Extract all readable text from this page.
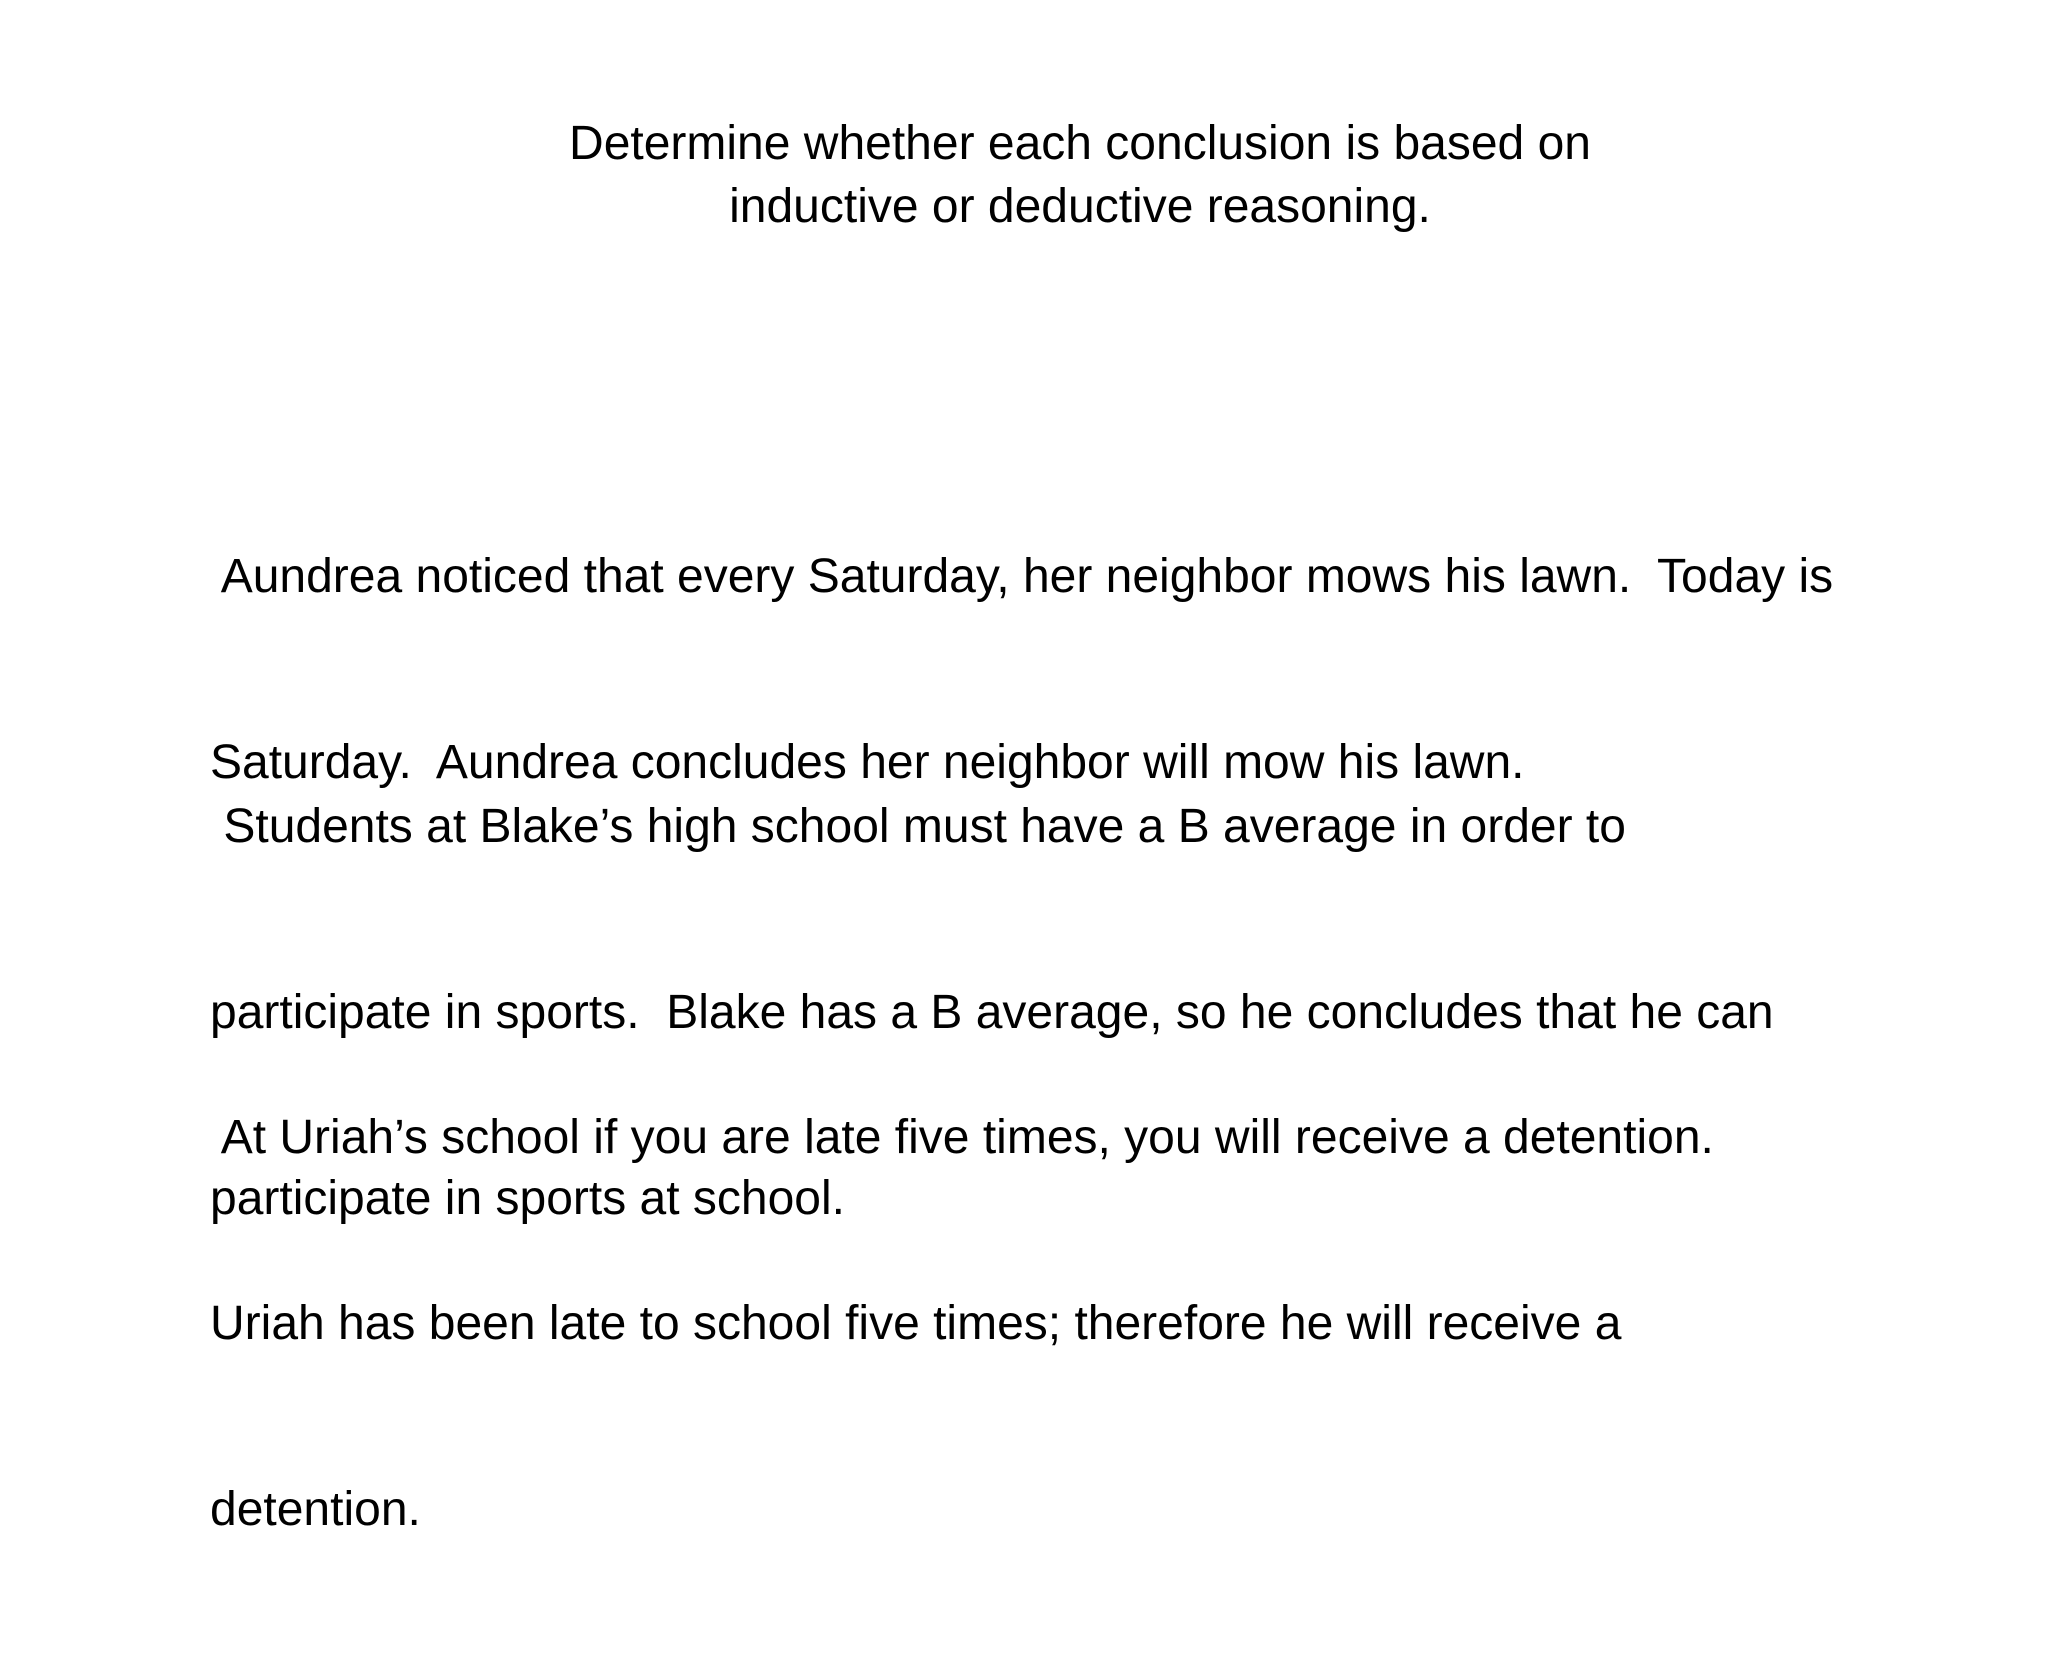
Determine whether each conclusion is based on
inductive or deductive reasoning.

Aundrea noticed that every Saturday, her neighbor mows his lawn.  Today is

Saturday.  Aundrea concludes her neighbor will mow his lawn.

Students at Blake’s high school must have a B average in order to

participate in sports.  Blake has a B average, so he concludes that he can

participate in sports at school.

At Uriah’s school if you are late five times, you will receive a detention.

Uriah has been late to school five times; therefore he will receive a

detention.
